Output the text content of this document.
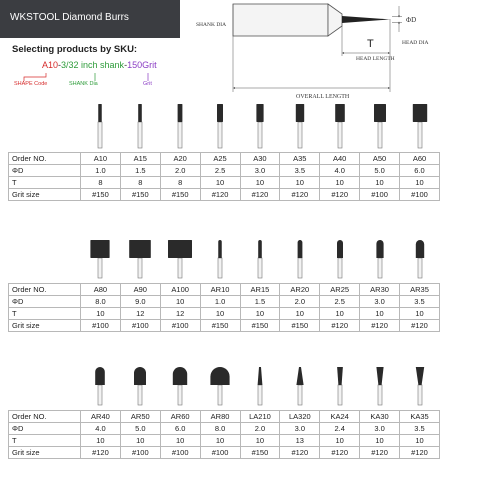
WKSTOOL Diamond Burrs
SHANK DIA
ΦD
HEAD DIA
T
HEAD LENGTH
OVERALL LENGTH
Selecting products by SKU:
A10-3/32 inch shank-150Grit
SHAPE Code	SHANK Dia	Grit
Order NO.	A10	A15	A20	A25	A30	A35	A40	A50	A60
ΦD	1.0	1.5	2.0	2.5	3.0	3.5	4.0	5.0	6.0
T	8	8	8	10	10	10	10	10	10
Grit size	#150	#150	#150	#120	#120	#120	#120	#100	#100
Order NO.	A80	A90	A100	AR10	AR15	AR20	AR25	AR30	AR35
ΦD	8.0	9.0	10	1.0	1.5	2.0	2.5	3.0	3.5
T	10	12	12	10	10	10	10	10	10
Grit size	#100	#100	#100	#150	#150	#150	#120	#120	#120
Order NO.	AR40	AR50	AR60	AR80	LA210	LA320	KA24	KA30	KA35
ΦD	4.0	5.0	6.0	8.0	2.0	3.0	2.4	3.0	3.5
T	10	10	10	10	10	13	10	10	10
Grit size	#120	#100	#100	#100	#150	#120	#120	#120	#120
